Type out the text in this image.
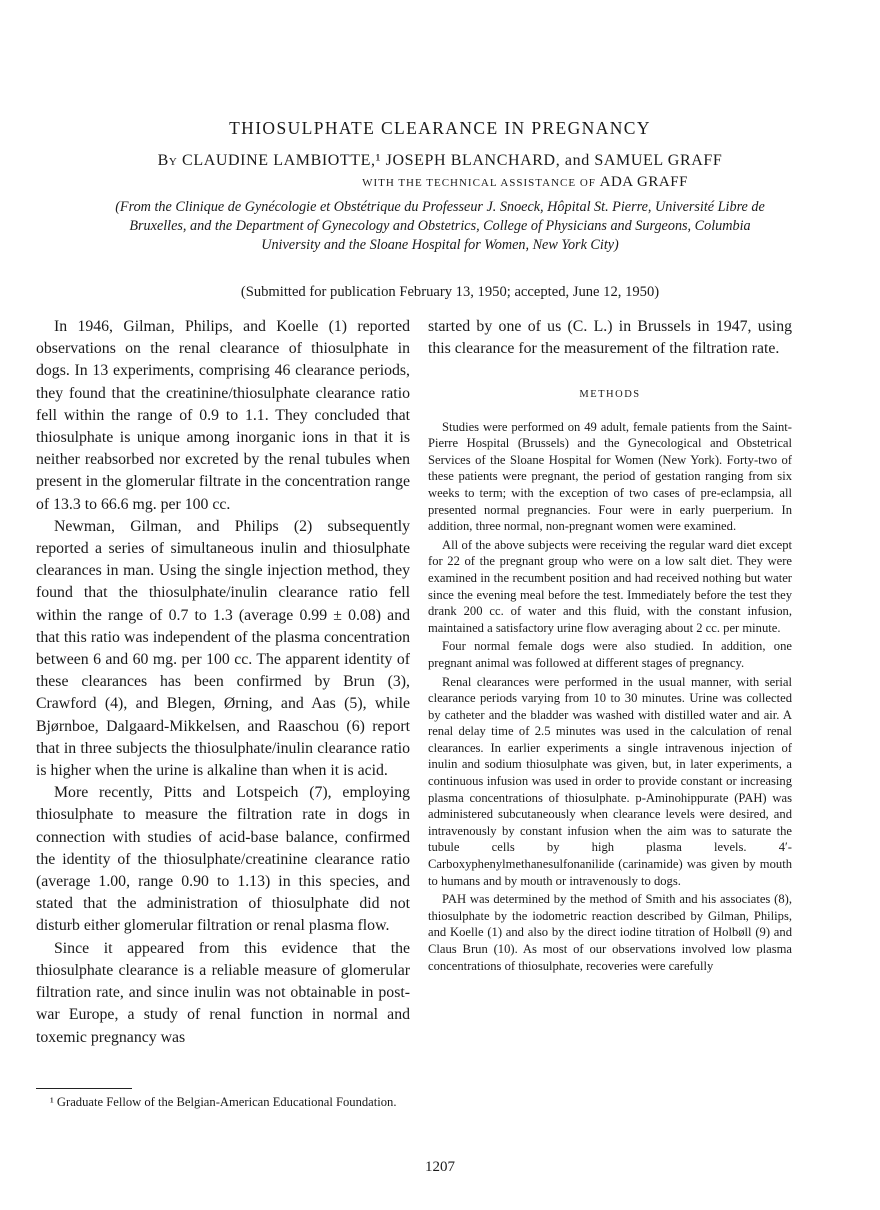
THIOSULPHATE CLEARANCE IN PREGNANCY
By CLAUDINE LAMBIOTTE,¹ JOSEPH BLANCHARD, and SAMUEL GRAFF
WITH THE TECHNICAL ASSISTANCE OF ADA GRAFF
(From the Clinique de Gynécologie et Obstétrique du Professeur J. Snoeck, Hôpital St. Pierre, Université Libre de Bruxelles, and the Department of Gynecology and Obstetrics, College of Physicians and Surgeons, Columbia University and the Sloane Hospital for Women, New York City)
(Submitted for publication February 13, 1950; accepted, June 12, 1950)

In 1946, Gilman, Philips, and Koelle (1) reported observations on the renal clearance of thiosulphate in dogs. In 13 experiments, comprising 46 clearance periods, they found that the creatinine/thiosulphate clearance ratio fell within the range of 0.9 to 1.1. They concluded that thiosulphate is unique among inorganic ions in that it is neither reabsorbed nor excreted by the renal tubules when present in the glomerular filtrate in the concentration range of 13.3 to 66.6 mg. per 100 cc.

Newman, Gilman, and Philips (2) subsequently reported a series of simultaneous inulin and thiosulphate clearances in man. Using the single injection method, they found that the thiosulphate/inulin clearance ratio fell within the range of 0.7 to 1.3 (average 0.99 ± 0.08) and that this ratio was independent of the plasma concentration between 6 and 60 mg. per 100 cc. The apparent identity of these clearances has been confirmed by Brun (3), Crawford (4), and Blegen, Ørning, and Aas (5), while Bjørnboe, Dalgaard-Mikkelsen, and Raaschou (6) report that in three subjects the thiosulphate/inulin clearance ratio is higher when the urine is alkaline than when it is acid.

More recently, Pitts and Lotspeich (7), employing thiosulphate to measure the filtration rate in dogs in connection with studies of acid-base balance, confirmed the identity of the thiosulphate/creatinine clearance ratio (average 1.00, range 0.90 to 1.13) in this species, and stated that the administration of thiosulphate did not disturb either glomerular filtration or renal plasma flow.

Since it appeared from this evidence that the thiosulphate clearance is a reliable measure of glomerular filtration rate, and since inulin was not obtainable in post-war Europe, a study of renal function in normal and toxemic pregnancy was

started by one of us (C. L.) in Brussels in 1947, using this clearance for the measurement of the filtration rate.

METHODS

Studies were performed on 49 adult, female patients from the Saint-Pierre Hospital (Brussels) and the Gynecological and Obstetrical Services of the Sloane Hospital for Women (New York). Forty-two of these patients were pregnant, the period of gestation ranging from six weeks to term; with the exception of two cases of pre-eclampsia, all presented normal pregnancies. Four were in early puerperium. In addition, three normal, non-pregnant women were examined.

All of the above subjects were receiving the regular ward diet except for 22 of the pregnant group who were on a low salt diet. They were examined in the recumbent position and had received nothing but water since the evening meal before the test. Immediately before the test they drank 200 cc. of water and this fluid, with the constant infusion, maintained a satisfactory urine flow averaging about 2 cc. per minute.

Four normal female dogs were also studied. In addition, one pregnant animal was followed at different stages of pregnancy.

Renal clearances were performed in the usual manner, with serial clearance periods varying from 10 to 30 minutes. Urine was collected by catheter and the bladder was washed with distilled water and air. A renal delay time of 2.5 minutes was used in the calculation of renal clearances. In earlier experiments a single intravenous injection of inulin and sodium thiosulphate was given, but, in later experiments, a continuous infusion was used in order to provide constant or increasing plasma concentrations of thiosulphate. p-Aminohippurate (PAH) was administered subcutaneously when clearance levels were desired, and intravenously by constant infusion when the aim was to saturate the tubule cells by high plasma levels. 4′-Carboxyphenylmethanesulfonanilide (carinamide) was given by mouth to humans and by mouth or intravenously to dogs.

PAH was determined by the method of Smith and his associates (8), thiosulphate by the iodometric reaction described by Gilman, Philips, and Koelle (1) and also by the direct iodine titration of Holbøll (9) and Claus Brun (10). As most of our observations involved low plasma concentrations of thiosulphate, recoveries were carefully

¹ Graduate Fellow of the Belgian-American Educational Foundation.
1207
